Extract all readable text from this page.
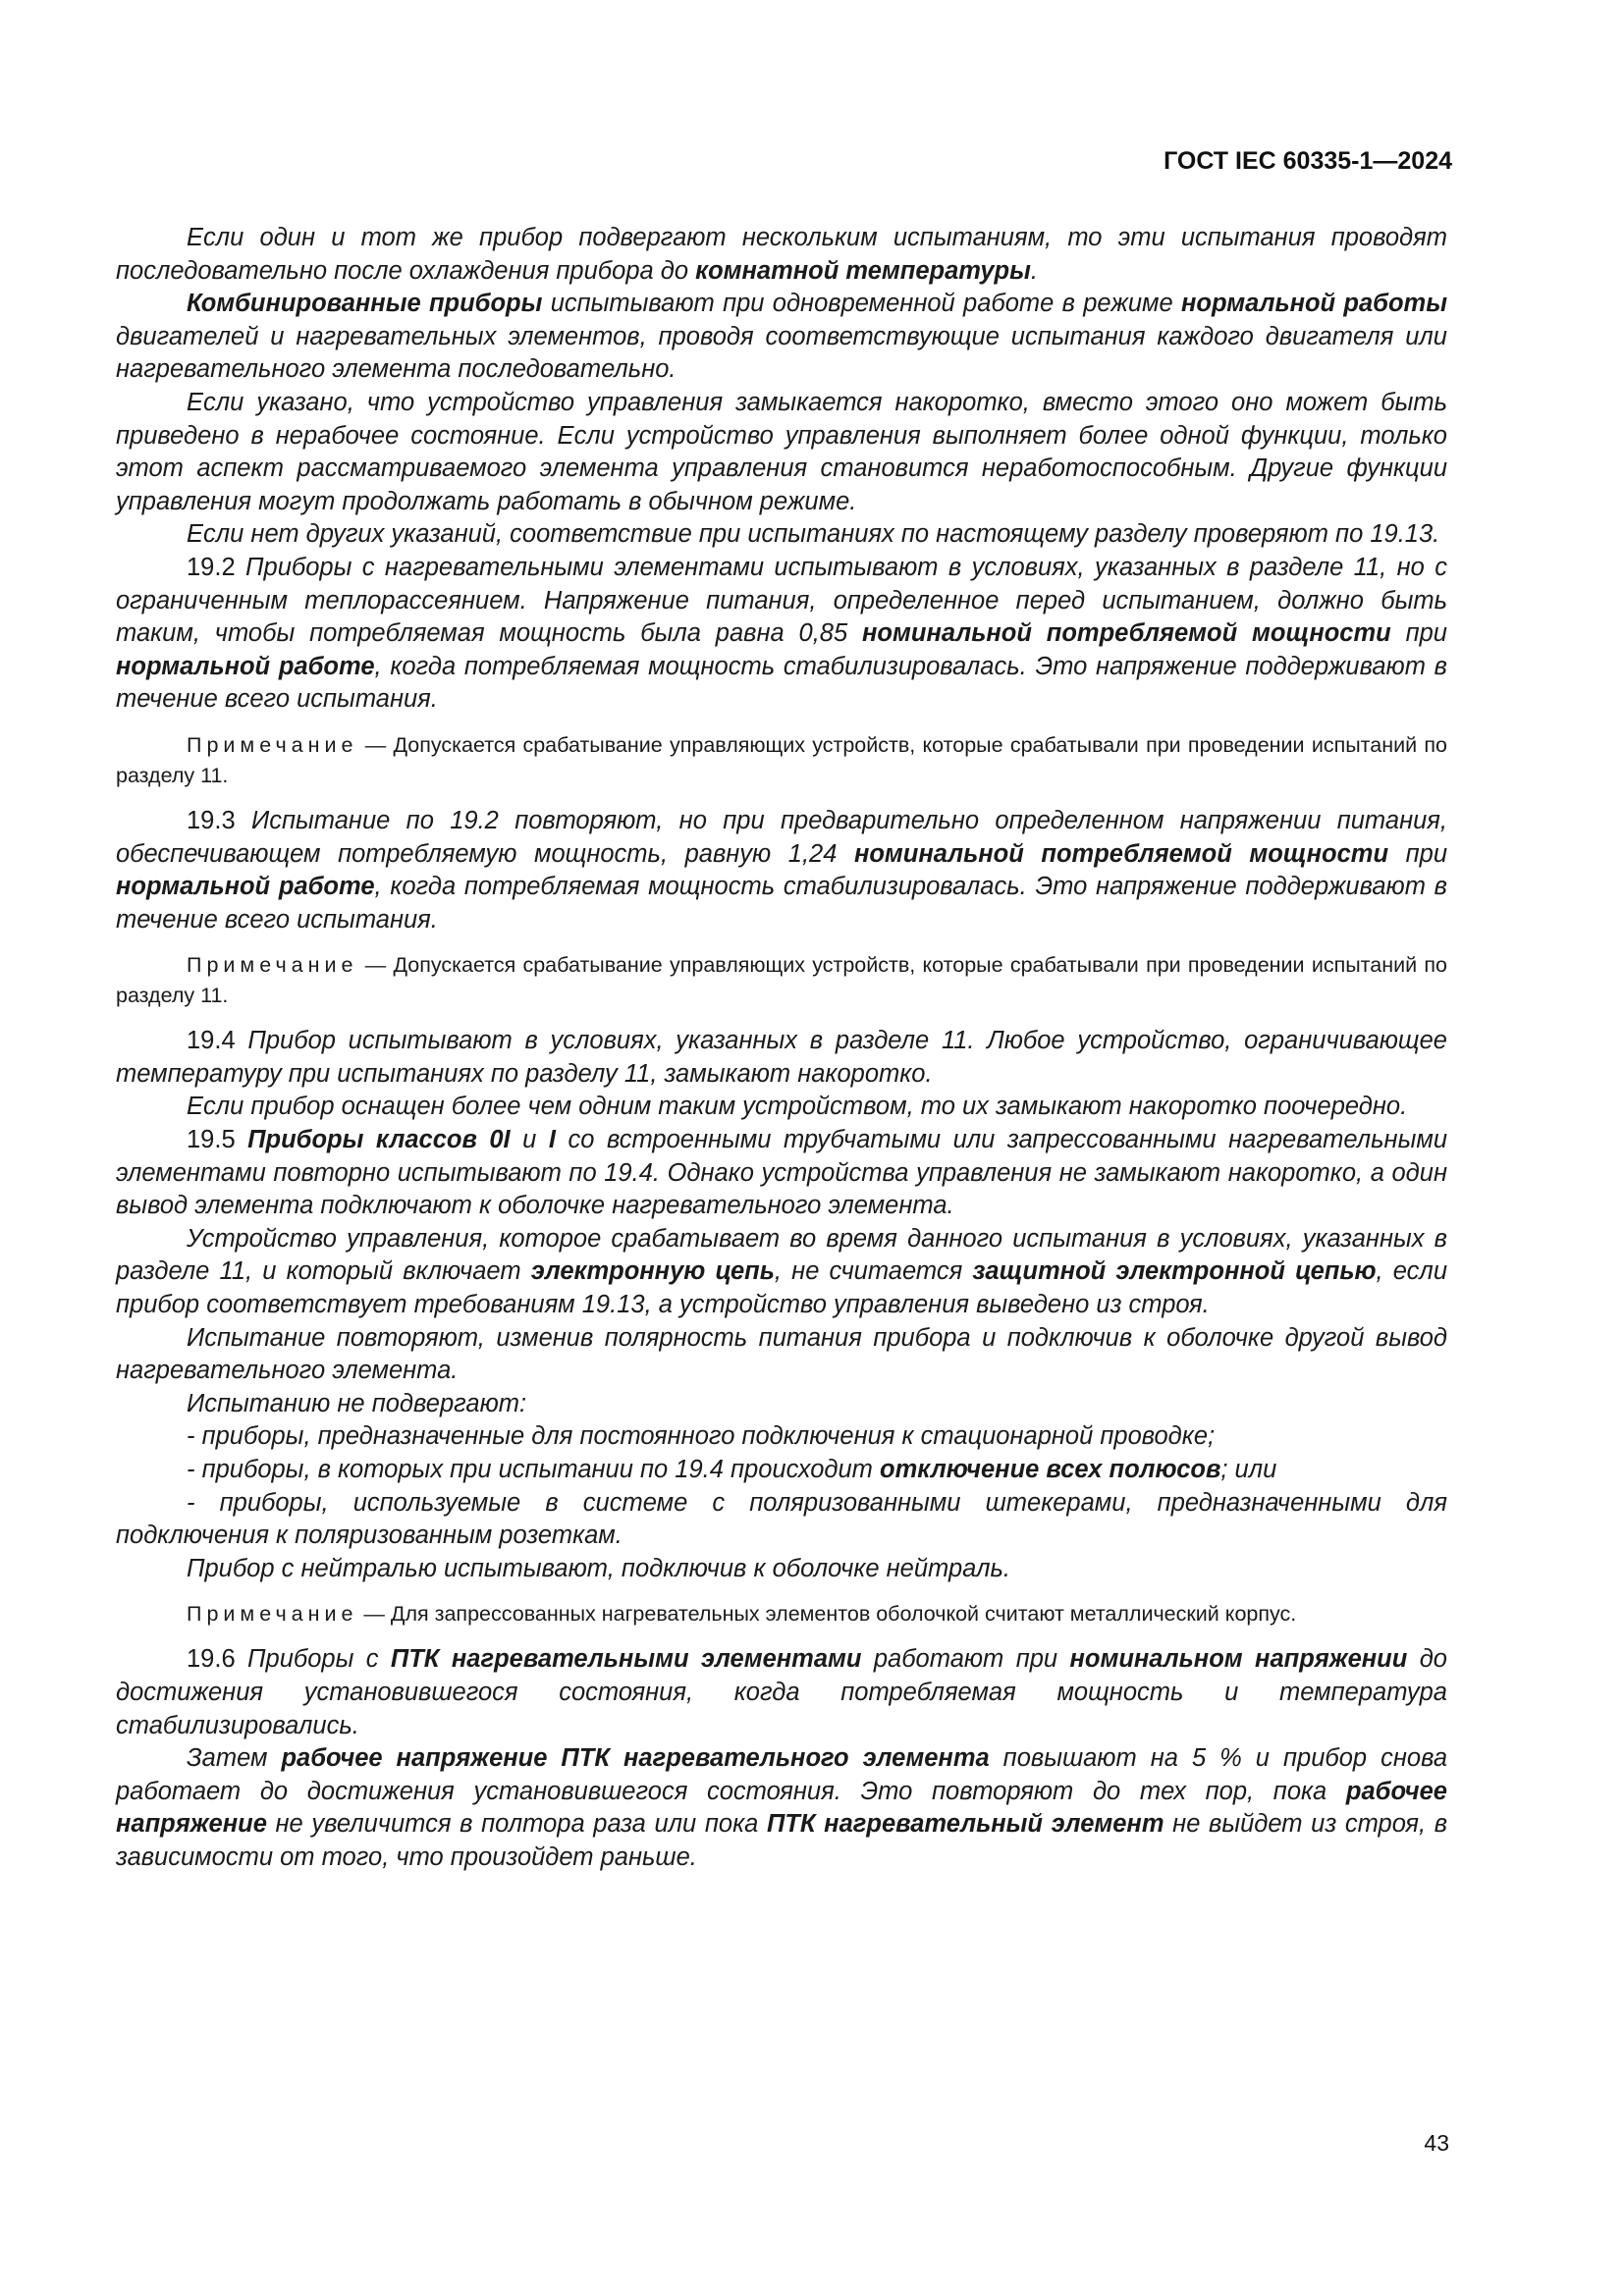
ГОСТ IEC 60335-1—2024

Если один и тот же прибор подвергают нескольким испытаниям, то эти испытания проводят последовательно после охлаждения прибора до комнатной температуры.

Комбинированные приборы испытывают при одновременной работе в режиме нормальной работы двигателей и нагревательных элементов, проводя соответствующие испытания каждого двигателя или нагревательного элемента последовательно.

Если указано, что устройство управления замыкается накоротко, вместо этого оно может быть приведено в нерабочее состояние. Если устройство управления выполняет более одной функции, только этот аспект рассматриваемого элемента управления становится неработоспособным. Другие функции управления могут продолжать работать в обычном режиме.

Если нет других указаний, соответствие при испытаниях по настоящему разделу проверяют по 19.13.

19.2 Приборы с нагревательными элементами испытывают в условиях, указанных в разделе 11, но с ограниченным теплорассеянием. Напряжение питания, определенное перед испытанием, должно быть таким, чтобы потребляемая мощность была равна 0,85 номинальной потребляемой мощности при нормальной работе, когда потребляемая мощность стабилизировалась. Это напряжение поддерживают в течение всего испытания.

Примечание — Допускается срабатывание управляющих устройств, которые срабатывали при проведении испытаний по разделу 11.

19.3 Испытание по 19.2 повторяют, но при предварительно определенном напряжении питания, обеспечивающем потребляемую мощность, равную 1,24 номинальной потребляемой мощности при нормальной работе, когда потребляемая мощность стабилизировалась. Это напряжение поддерживают в течение всего испытания.

Примечание — Допускается срабатывание управляющих устройств, которые срабатывали при проведении испытаний по разделу 11.

19.4 Прибор испытывают в условиях, указанных в разделе 11. Любое устройство, ограничивающее температуру при испытаниях по разделу 11, замыкают накоротко.

Если прибор оснащен более чем одним таким устройством, то их замыкают накоротко поочередно.

19.5 Приборы классов 0I и I со встроенными трубчатыми или запрессованными нагревательными элементами повторно испытывают по 19.4. Однако устройства управления не замыкают накоротко, а один вывод элемента подключают к оболочке нагревательного элемента.

Устройство управления, которое срабатывает во время данного испытания в условиях, указанных в разделе 11, и который включает электронную цепь, не считается защитной электронной цепью, если прибор соответствует требованиям 19.13, а устройство управления выведено из строя.

Испытание повторяют, изменив полярность питания прибора и подключив к оболочке другой вывод нагревательного элемента.

Испытанию не подвергают:

- приборы, предназначенные для постоянного подключения к стационарной проводке;

- приборы, в которых при испытании по 19.4 происходит отключение всех полюсов; или

- приборы, используемые в системе с поляризованными штекерами, предназначенными для подключения к поляризованным розеткам.

Прибор с нейтралью испытывают, подключив к оболочке нейтраль.

Примечание — Для запрессованных нагревательных элементов оболочкой считают металлический корпус.

19.6 Приборы с ПТК нагревательными элементами работают при номинальном напряжении до достижения установившегося состояния, когда потребляемая мощность и температура стабилизировались.

Затем рабочее напряжение ПТК нагревательного элемента повышают на 5 % и прибор снова работает до достижения установившегося состояния. Это повторяют до тех пор, пока рабочее напряжение не увеличится в полтора раза или пока ПТК нагревательный элемент не выйдет из строя, в зависимости от того, что произойдет раньше.

43
